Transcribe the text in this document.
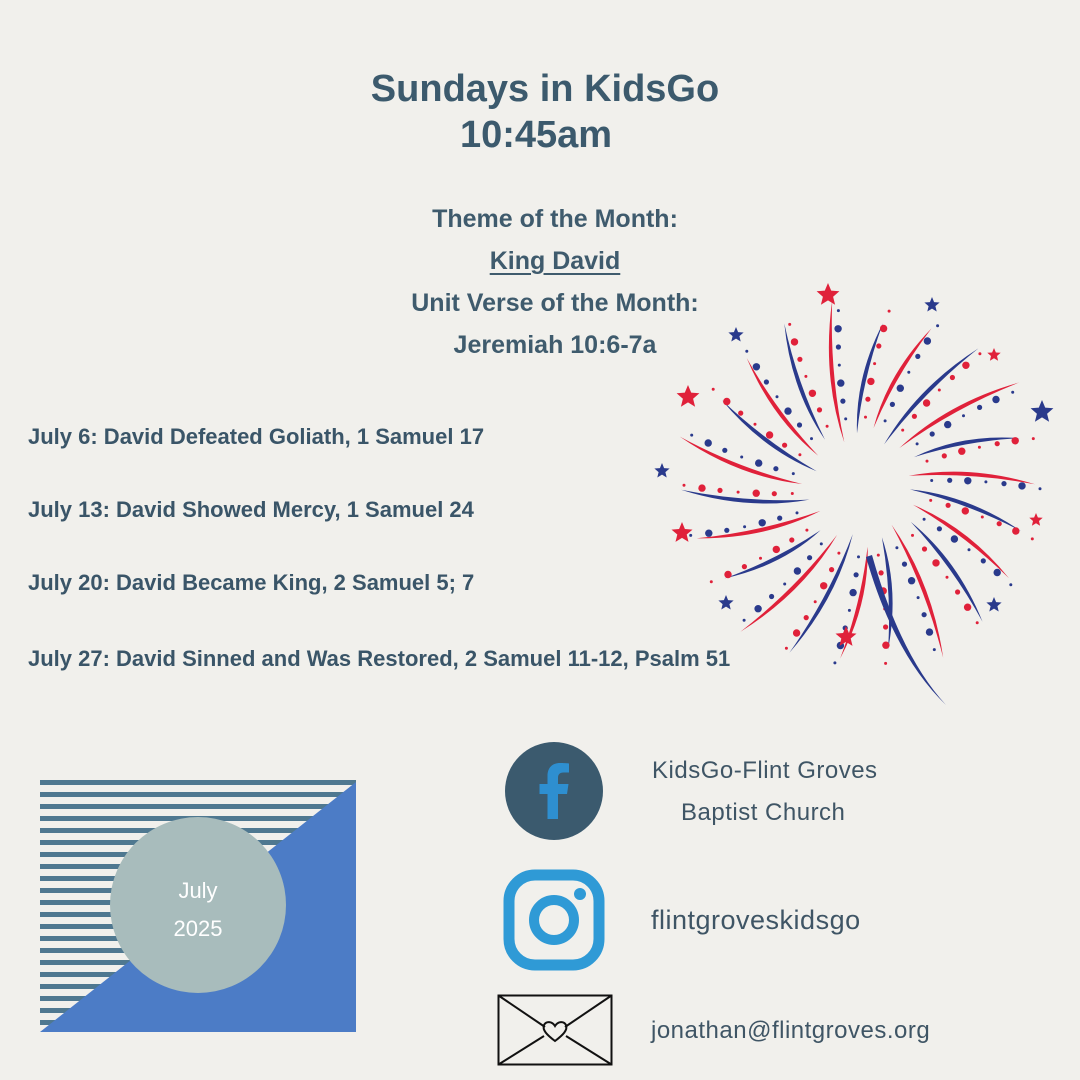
Sundays in KidsGo
10:45am
Theme of the Month:
King David
Unit Verse of the Month:
Jeremiah 10:6-7a
July 6: David Defeated Goliath, 1 Samuel 17
July 13: David Showed Mercy, 1 Samuel 24
July 20: David Became King, 2 Samuel 5; 7
July 27: David Sinned and Was Restored, 2 Samuel 11-12, Psalm 51
July
2025
KidsGo-Flint Groves
Baptist Church
flintgroveskidsgo
jonathan@flintgroves.org
